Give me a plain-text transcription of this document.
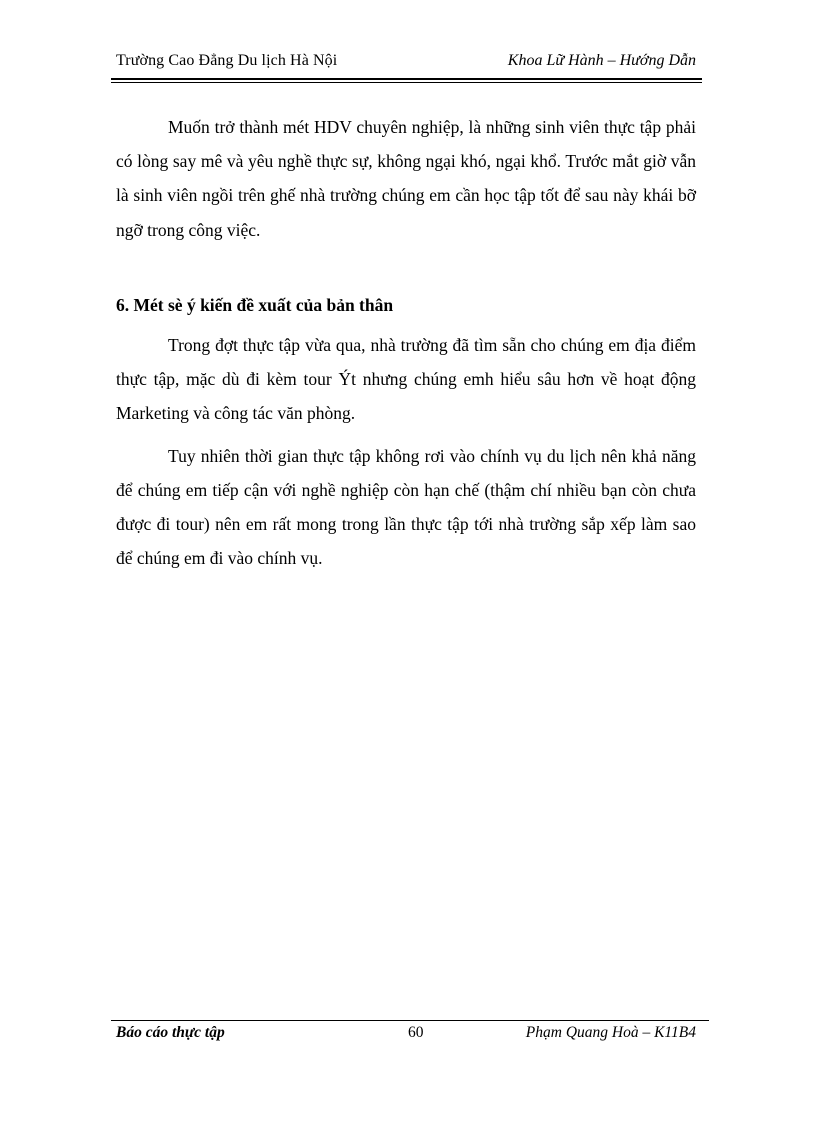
Trường Cao Đẳng Du lịch Hà Nội	Khoa Lữ Hành – Hướng Dẫn

Muốn trở thành mét HDV chuyên nghiệp, là những sinh viên thực tập phải có lòng say mê và yêu nghề thực sự, không ngại khó, ngại khổ. Trước mắt giờ vẫn là sinh viên ngồi trên ghế nhà trường chúng em cần học tập tốt để sau này khái bỡ ngỡ trong công việc.

6. Mét sè ý kiến đề xuất của bản thân

Trong đợt thực tập vừa qua, nhà trường đã tìm sẵn cho chúng em địa điểm thực tập, mặc dù đi kèm tour Ýt nhưng chúng emh hiểu sâu hơn về hoạt động Marketing và công tác văn phòng.

Tuy nhiên thời gian thực tập không rơi vào chính vụ du lịch nên khả năng để chúng em tiếp cận với nghề nghiệp còn hạn chế (thậm chí nhiều bạn còn chưa được đi tour) nên em rất mong trong lần thực tập tới nhà trường sắp xếp làm sao để chúng em đi vào chính vụ.

Báo cáo thực tập	60	Phạm Quang Hoà – K11B4
